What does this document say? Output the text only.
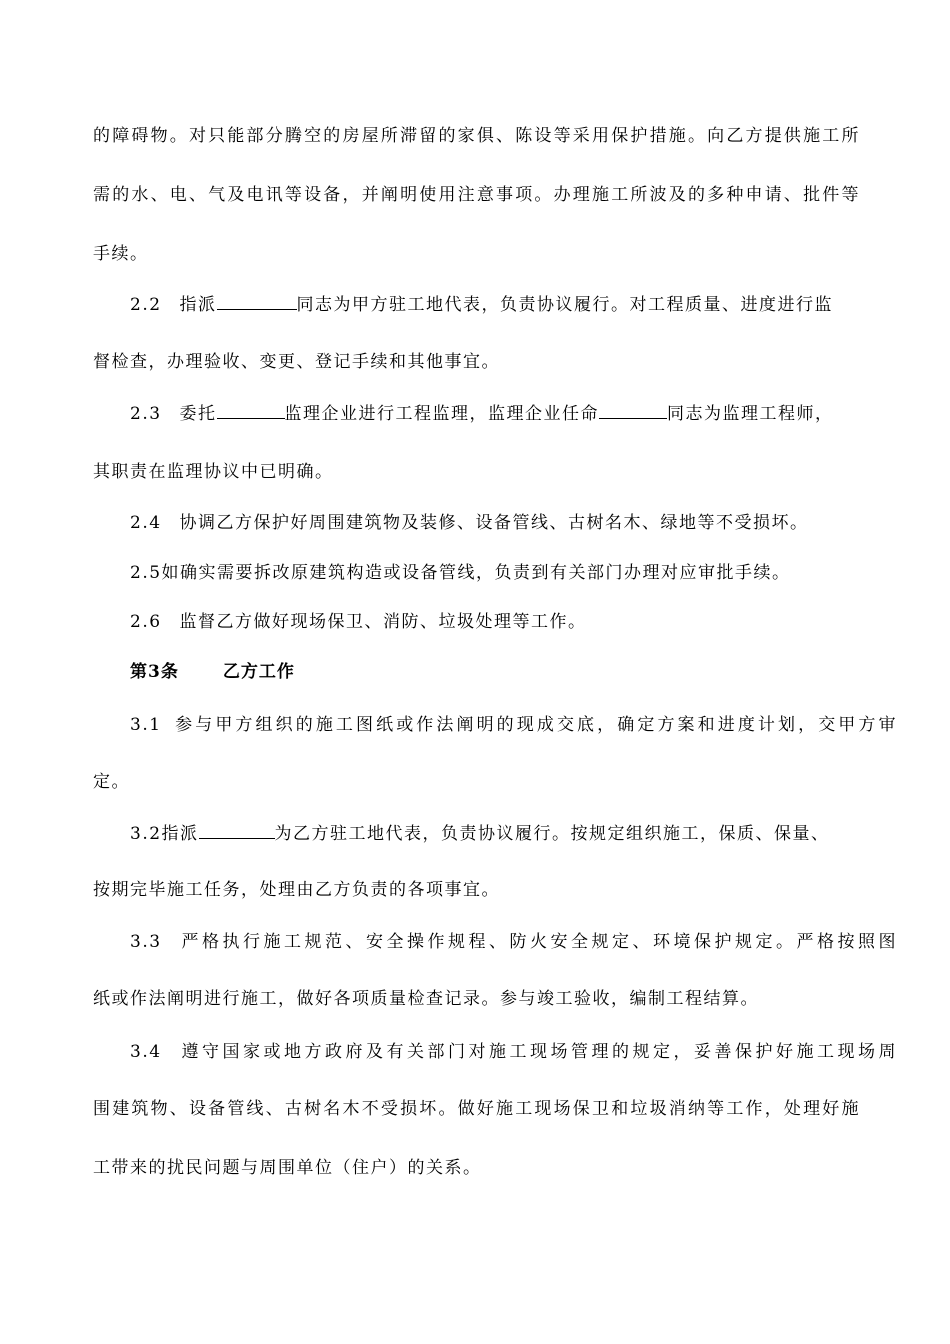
的障碍物。对只能部分腾空的房屋所滞留的家俱、陈设等采用保护措施。向乙方提供施工所
需的水、电、气及电讯等设备，并阐明使用注意事项。办理施工所波及的多种申请、批件等
手续。
2.2 指派	同志为甲方驻工地代表，负责协议履行。对工程质量、进度进行监
督检查，办理验收、变更、登记手续和其他事宜。
2.3 委托	监理企业进行工程监理，监理企业任命	同志为监理工程师，
其职责在监理协议中已明确。
2.4 协调乙方保护好周围建筑物及装修、设备管线、古树名木、绿地等不受损坏。
2.5如确实需要拆改原建筑构造或设备管线，负责到有关部门办理对应审批手续。
2.6 监督乙方做好现场保卫、消防、垃圾处理等工作。
第3条	乙方工作
3.1 参与甲方组织的施工图纸或作法阐明的现成交底，确定方案和进度计划，交甲方审
定。
3.2指派	为乙方驻工地代表，负责协议履行。按规定组织施工，保质、保量、
按期完毕施工任务，处理由乙方负责的各项事宜。
3.3 严格执行施工规范、安全操作规程、防火安全规定、环境保护规定。严格按照图
纸或作法阐明进行施工，做好各项质量检查记录。参与竣工验收，编制工程结算。
3.4 遵守国家或地方政府及有关部门对施工现场管理的规定，妥善保护好施工现场周
围建筑物、设备管线、古树名木不受损坏。做好施工现场保卫和垃圾消纳等工作，处理好施
工带来的扰民问题与周围单位（住户）的关系。
